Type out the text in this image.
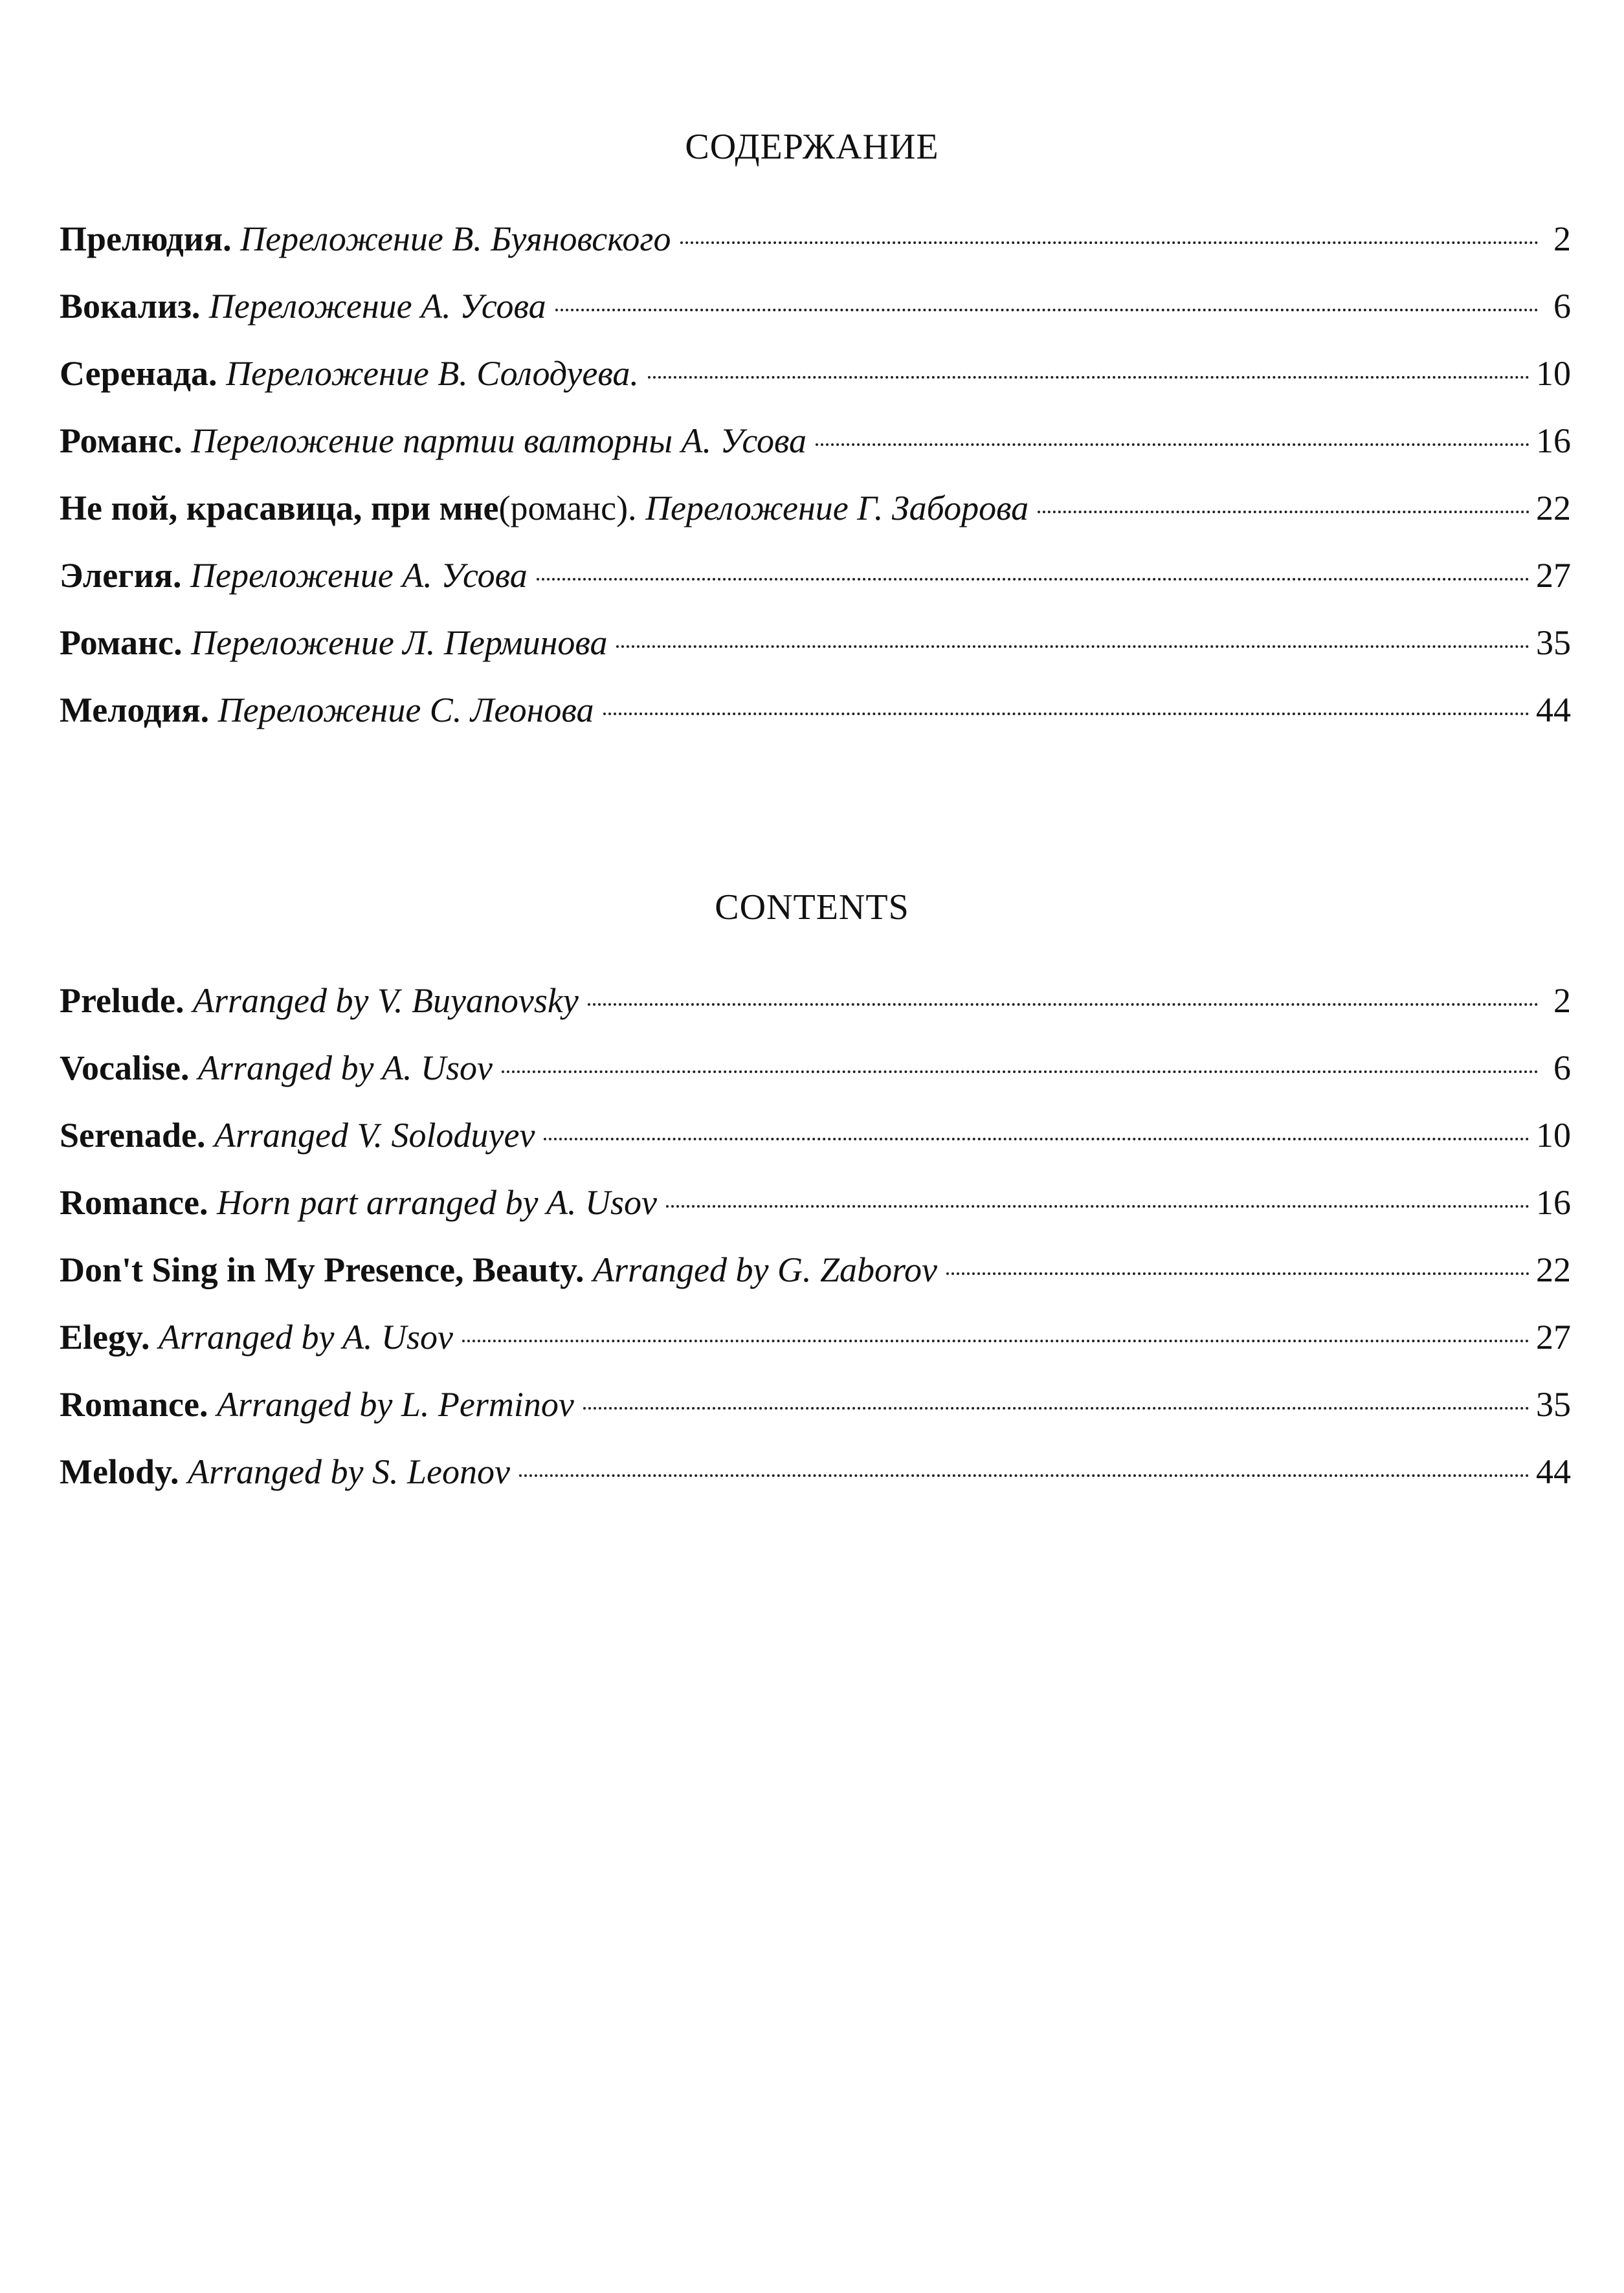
СОДЕРЖАНИЕ
Прелюдия. Переложение В. Буяновского	2
Вокализ. Переложение А. Усова	6
Серенада. Переложение В. Солодуева.	10
Романс. Переложение партии валторны А. Усова	16
Не пой, красавица, при мне (романс). Переложение Г. Заборова	22
Элегия. Переложение А. Усова	27
Романс. Переложение Л. Перминова	35
Мелодия. Переложение С. Леонова	44
CONTENTS
Prelude. Arranged by V. Buyanovsky	2
Vocalise. Arranged by A. Usov	6
Serenade. Arranged V. Soloduyev	10
Romance. Horn part arranged by A. Usov	16
Don't Sing in My Presence, Beauty. Arranged by G. Zaborov	22
Elegy. Arranged by A. Usov	27
Romance. Arranged by L. Perminov	35
Melody. Arranged by S. Leonov	44
